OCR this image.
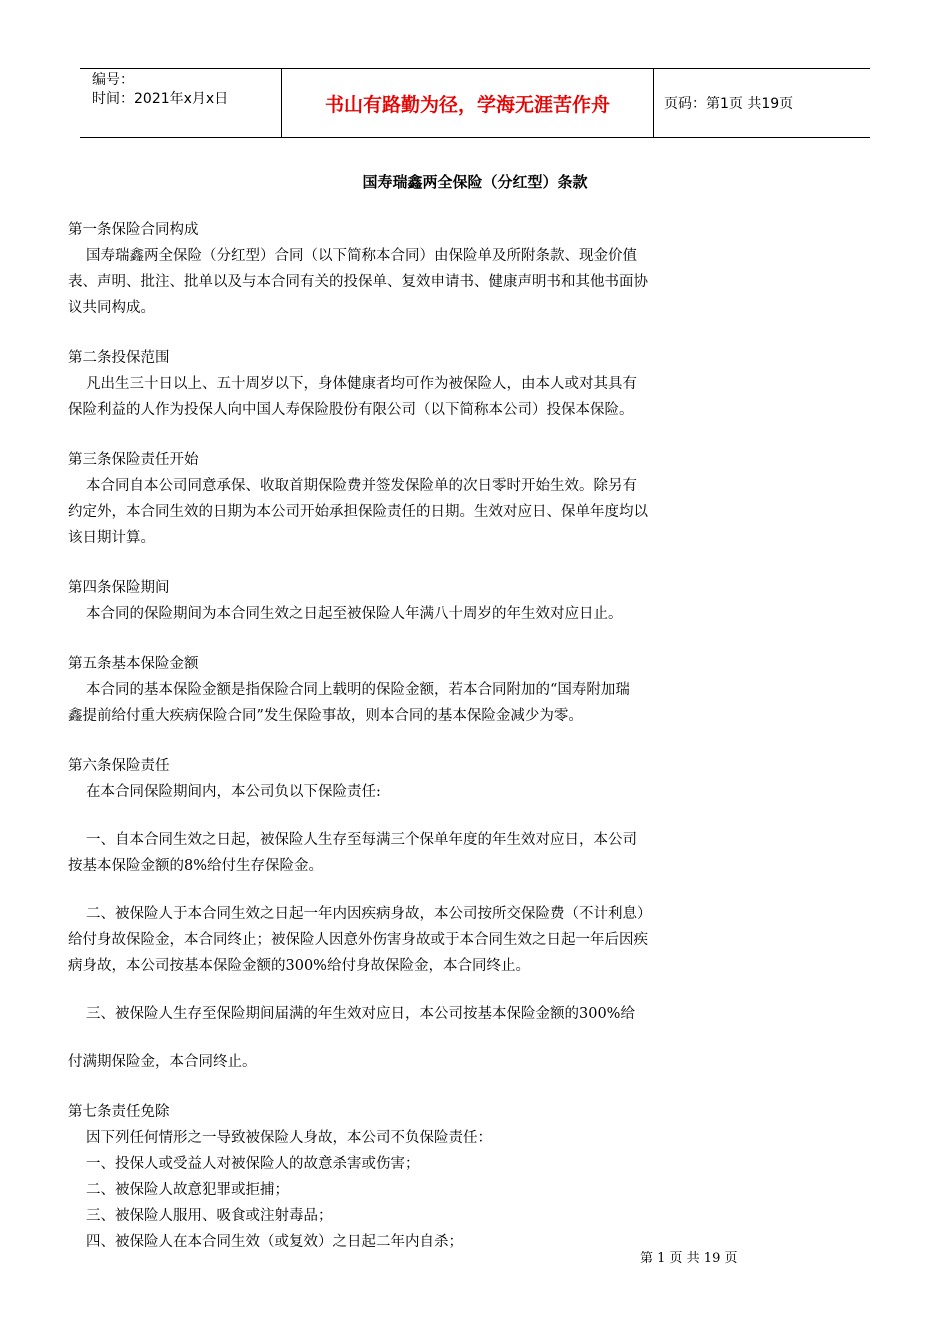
编号：
时间：2021年x月x日	书山有路勤为径，学海无涯苦作舟	页码：第1页 共19页
国寿瑞鑫两全保险（分红型）条款
第一条保险合同构成
国寿瑞鑫两全保险（分红型）合同（以下简称本合同）由保险单及所附条款、现金价值
表、声明、批注、批单以及与本合同有关的投保单、复效申请书、健康声明书和其他书面协
议共同构成。
第二条投保范围
凡出生三十日以上、五十周岁以下，身体健康者均可作为被保险人，由本人或对其具有
保险利益的人作为投保人向中国人寿保险股份有限公司（以下简称本公司）投保本保险。
第三条保险责任开始
本合同自本公司同意承保、收取首期保险费并签发保险单的次日零时开始生效。除另有
约定外，本合同生效的日期为本公司开始承担保险责任的日期。生效对应日、保单年度均以
该日期计算。
第四条保险期间
本合同的保险期间为本合同生效之日起至被保险人年满八十周岁的年生效对应日止。
第五条基本保险金额
本合同的基本保险金额是指保险合同上载明的保险金额，若本合同附加的“国寿附加瑞
鑫提前给付重大疾病保险合同”发生保险事故，则本合同的基本保险金减少为零。
第六条保险责任
在本合同保险期间内，本公司负以下保险责任:
一、自本合同生效之日起，被保险人生存至每满三个保单年度的年生效对应日，本公司
按基本保险金额的8%给付生存保险金。
二、被保险人于本合同生效之日起一年内因疾病身故，本公司按所交保险费（不计利息）
给付身故保险金，本合同终止；被保险人因意外伤害身故或于本合同生效之日起一年后因疾
病身故，本公司按基本保险金额的300%给付身故保险金，本合同终止。
三、被保险人生存至保险期间届满的年生效对应日，本公司按基本保险金额的300%给
付满期保险金，本合同终止。
第七条责任免除
因下列任何情形之一导致被保险人身故，本公司不负保险责任：
一、投保人或受益人对被保险人的故意杀害或伤害；
二、被保险人故意犯罪或拒捕；
三、被保险人服用、吸食或注射毒品；
四、被保险人在本合同生效（或复效）之日起二年内自杀；
第 1 页 共 19 页
